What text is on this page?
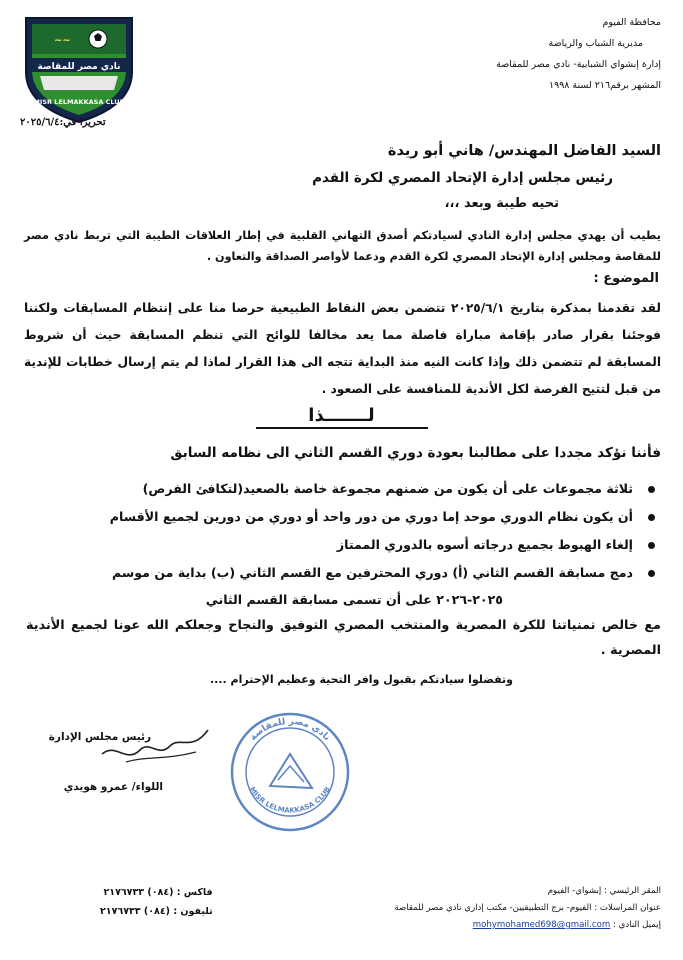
~~
نادي مصر للمقاصة
MISR LELMAKKASA CLUB
تحريرا في:٢٠٢٥/٦/٤
محافظة الفيوم
مديرية الشباب والرياضة
إدارة إبشواي الشبابية- نادي مصر للمقاصة
المشهر برقم٢١٦ لسنة ١٩٩٨
السيد الفاضل المهندس/ هاني أبو ريدة
رئيس مجلس إدارة الإتحاد المصري لكرة القدم
تحيه طيبة وبعد ،،،
يطيب أن يهدي مجلس إدارة النادي لسيادتكم أصدق التهاني القلبية في إطار العلاقات الطيبة التي تربط نادي مصر للمقاصة ومجلس إدارة الإتحاد المصري لكرة القدم ودعما لأواصر الصداقة والتعاون .
الموضوع :
لقد تقدمنا بمذكرة بتاريخ ٢٠٢٥/٦/١ تتضمن بعض النقاط الطبيعية حرصا منا على إنتظام المسابقات ولكننا فوجئنا بقرار صادر بإقامة مباراة فاصلة مما يعد مخالفا للوائح التي تنظم المسابقة حيث أن شروط المسابقة لم تتضمن ذلك وإذا كانت النيه منذ البداية تتجه الى هذا القرار لماذا لم يتم إرسال خطابات للإندية من قبل لتتيح الفرصة لكل الأندية للمنافسة على الصعود .
لـــــــذا
فأننا نؤكد مجددا على مطالبنا بعودة دوري القسم الثاني الى نظامه السابق
ثلاثة مجموعات على أن يكون من ضمنهم مجموعة خاصة بالصعيد(لتكافئ الفرص)
أن يكون نظام الدوري موحد إما دوري من دور واحد أو دوري من دورين لجميع الأقسام
إلغاء الهبوط بجميع درجاته أسوه بالدوري الممتاز
دمج مسابقة القسم الثاني (أ) دوري المحترفين مع القسم الثاني (ب) بداية من موسم
٢٠٢٥-٢٠٢٦ على أن تسمى مسابقة القسم الثاني
مع خالص تمنياتنا للكرة المصرية والمنتخب المصري التوفيق والنجاح وجعلكم الله عونا لجميع الأندية المصرية .
وتفضلوا سيادتكم بقبول وافر التحية وعظيم الإحترام ....
رئيس مجلس الإدارة
اللواء/ عمرو هويدي
نادي مصر للمقاصة
MISR LELMAKKASA CLUB
المقر الرئيسي : إبشواي- الفيوم
عنوان المراسلات : الفيوم- برج التطبيقيين- مكتب إداري نادي مصر للمقاصة
إيميل النادي : mohymohamed698@gmail.com
فاكس : (٠٨٤) ٢١٧٦٧٣٣
تليفون : (٠٨٤) ٢١٧٦٧٣٣
